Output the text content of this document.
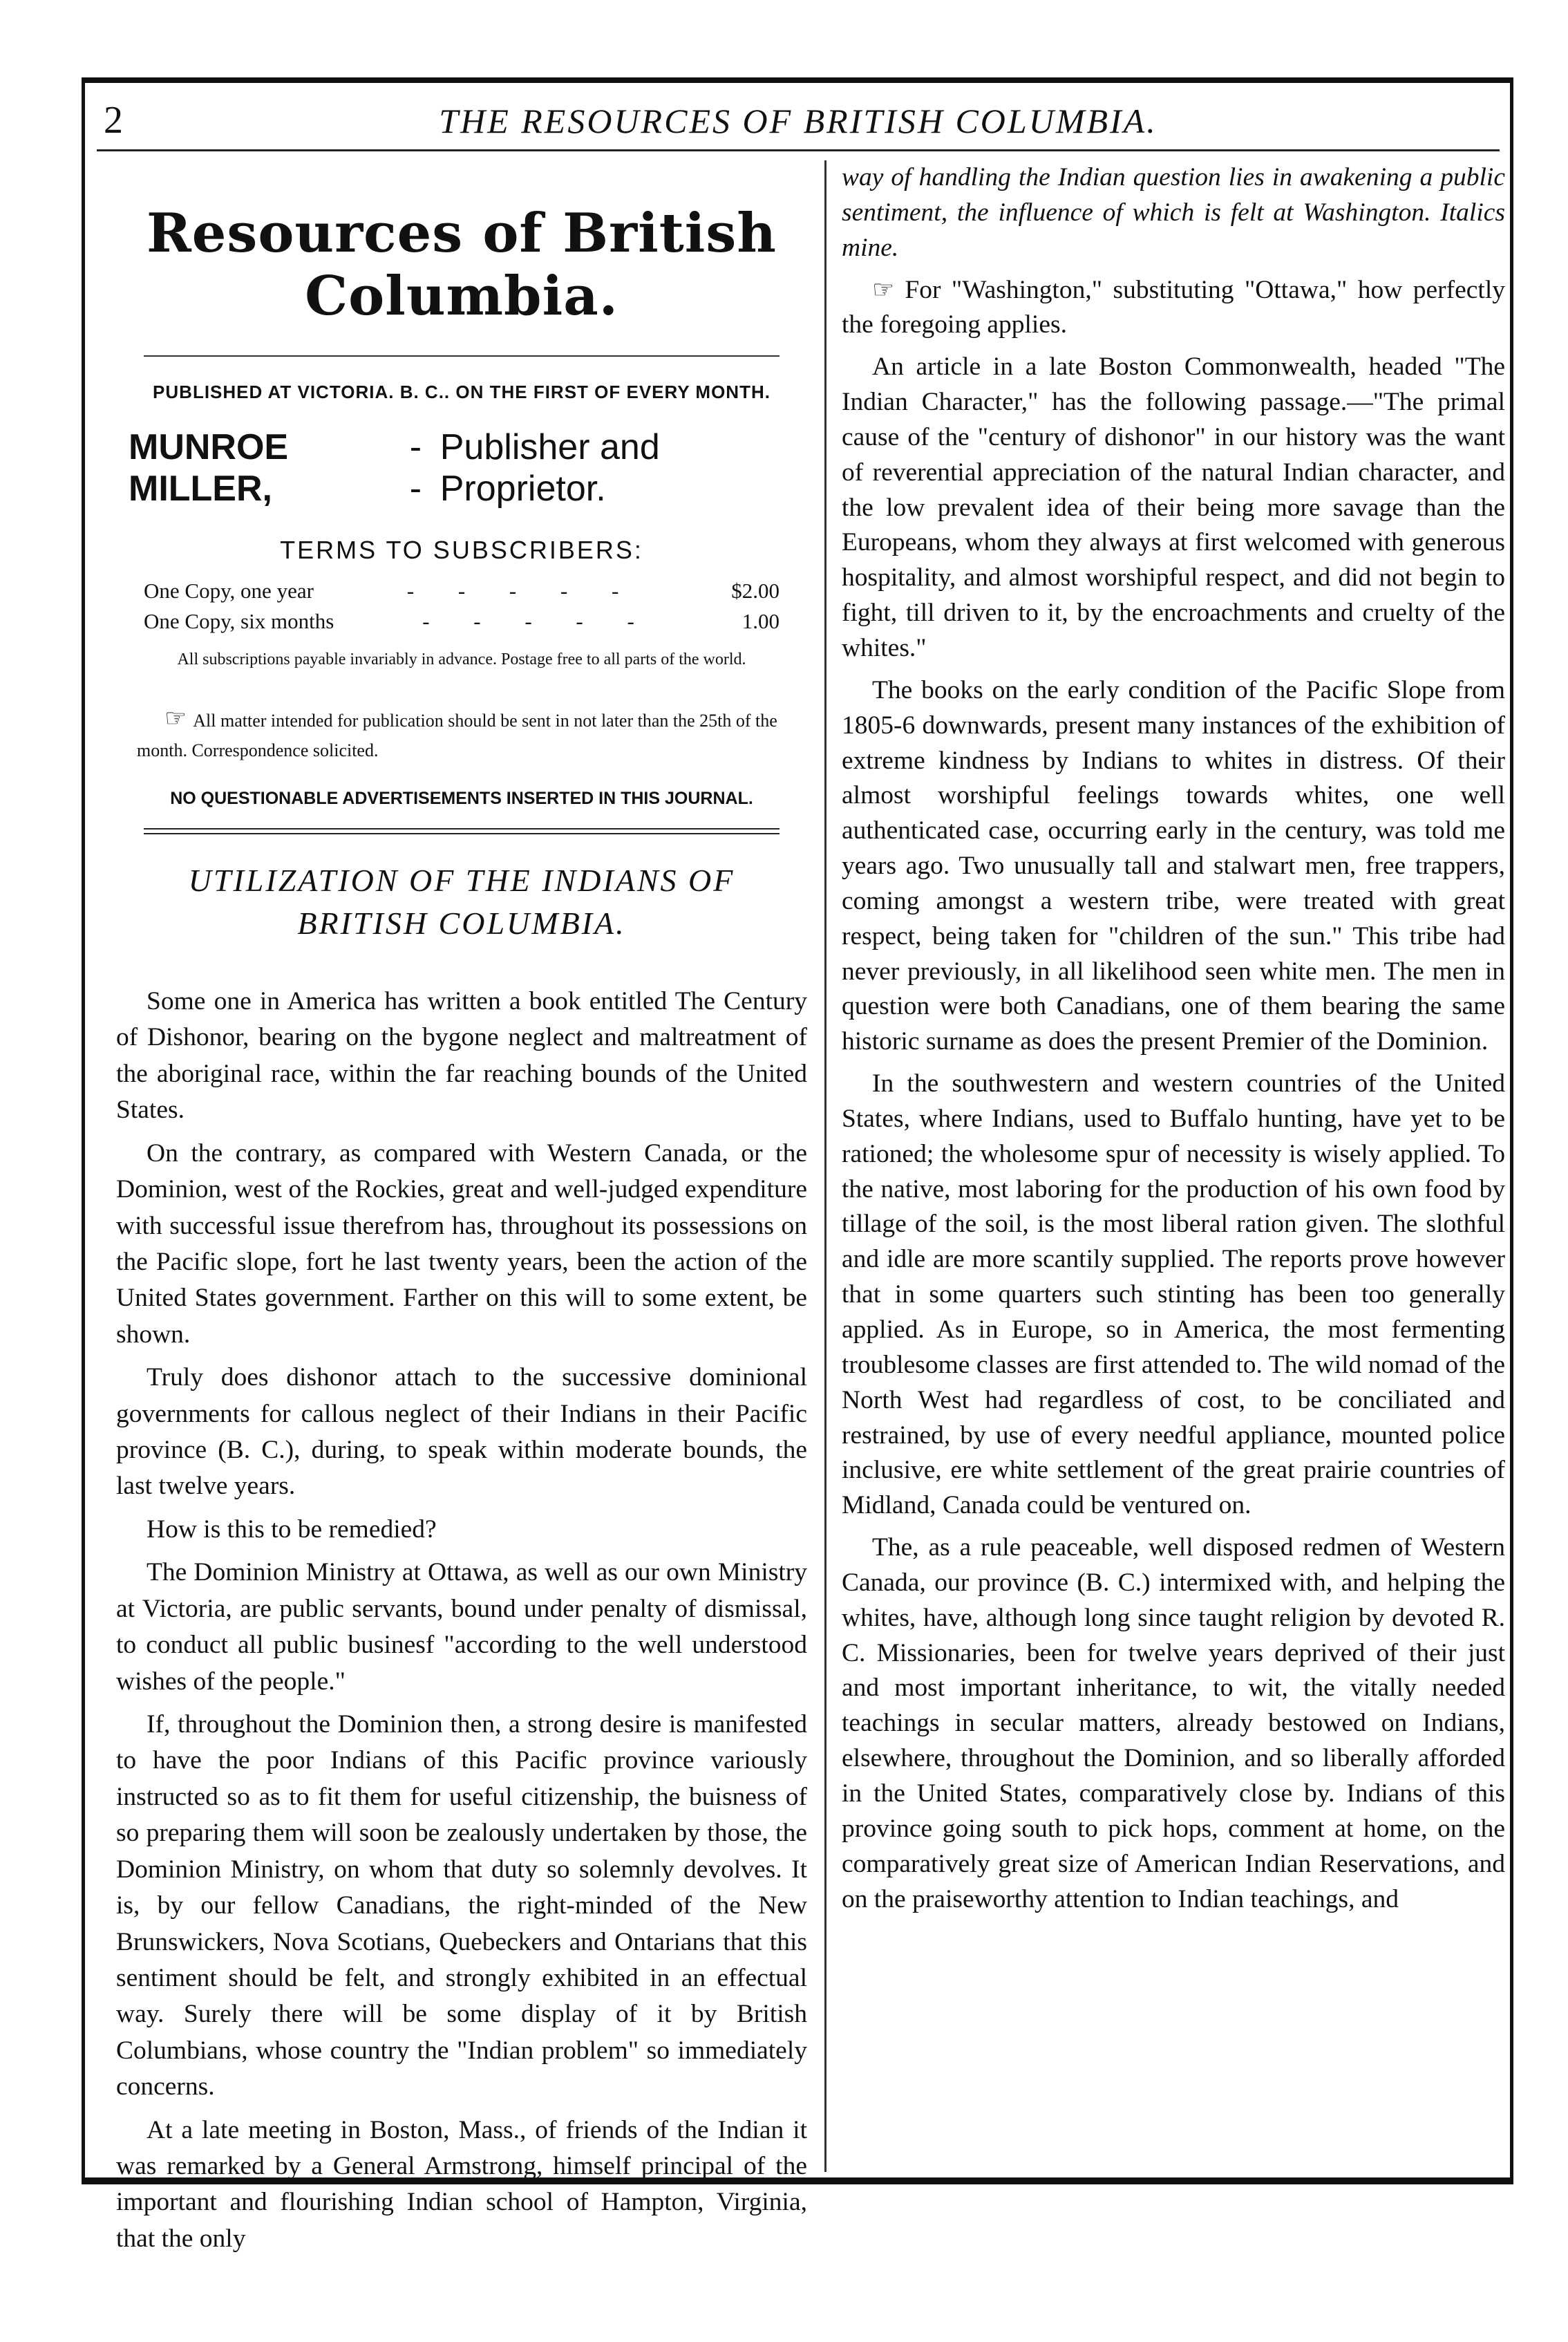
2	THE RESOURCES OF BRITISH COLUMBIA.
Resources of British Columbia.

PUBLISHED AT VICTORIA. B. C.. ON THE FIRST OF EVERY MONTH.

MUNROE MILLER,
- -
Publisher and Proprietor.
TERMS TO SUBSCRIBERS:
One Copy, one year	- - - - -	$2.00
One Copy, six months	- - - - -	1.00
All subscriptions payable invariably in advance. Postage free to all parts of the world.
☞ All matter intended for publication should be sent in not later than the 25th of the month. Correspondence solicited.
NO QUESTIONABLE ADVERTISEMENTS INSERTED IN THIS JOURNAL.
UTILIZATION OF THE INDIANS OF
BRITISH COLUMBIA.

Some one in America has written a book entitled The Century of Dishonor, bearing on the bygone neglect and maltreatment of the aboriginal race, within the far reaching bounds of the United States.

On the contrary, as compared with Western Canada, or the Dominion, west of the Rockies, great and well-judged expenditure with successful issue therefrom has, throughout its possessions on the Pacific slope, fort he last twenty years, been the action of the United States government. Farther on this will to some extent, be shown.

Truly does dishonor attach to the successive dominional governments for callous neglect of their Indians in their Pacific province (B. C.), during, to speak within moderate bounds, the last twelve years.

How is this to be remedied?

The Dominion Ministry at Ottawa, as well as our own Ministry at Victoria, are public servants, bound under penalty of dismissal, to conduct all public businesf "according to the well understood wishes of the people."

If, throughout the Dominion then, a strong desire is manifested to have the poor Indians of this Pacific province variously instructed so as to fit them for useful citizenship, the buisness of so preparing them will soon be zealously undertaken by those, the Dominion Ministry, on whom that duty so solemnly devolves. It is, by our fellow Canadians, the right-minded of the New Brunswickers, Nova Scotians, Quebeckers and Ontarians that this sentiment should be felt, and strongly exhibited in an effectual way. Surely there will be some display of it by British Columbians, whose country the "Indian problem" so immediately concerns.

At a late meeting in Boston, Mass., of friends of the Indian it was remarked by a General Armstrong, himself principal of the important and flourishing Indian school of Hampton, Virginia, that the only

way of handling the Indian question lies in awakening a public sentiment, the influence of which is felt at Washington. Italics mine.

☞ For "Washington," substituting "Ottawa," how perfectly the foregoing applies.

An article in a late Boston Commonwealth, headed "The Indian Character," has the following passage.—"The primal cause of the "century of dishonor" in our history was the want of reverential appreciation of the natural Indian character, and the low prevalent idea of their being more savage than the Europeans, whom they always at first welcomed with generous hospitality, and almost worshipful respect, and did not begin to fight, till driven to it, by the encroachments and cruelty of the whites."

The books on the early condition of the Pacific Slope from 1805-6 downwards, present many instances of the exhibition of extreme kindness by Indians to whites in distress. Of their almost worshipful feelings towards whites, one well authenticated case, occurring early in the century, was told me years ago. Two unusually tall and stalwart men, free trappers, coming amongst a western tribe, were treated with great respect, being taken for "children of the sun." This tribe had never previously, in all likelihood seen white men. The men in question were both Canadians, one of them bearing the same historic surname as does the present Premier of the Dominion.

In the southwestern and western countries of the United States, where Indians, used to Buffalo hunting, have yet to be rationed; the wholesome spur of necessity is wisely applied. To the native, most laboring for the production of his own food by tillage of the soil, is the most liberal ration given. The slothful and idle are more scantily supplied. The reports prove however that in some quarters such stinting has been too generally applied. As in Europe, so in America, the most fermenting troublesome classes are first attended to. The wild nomad of the North West had regardless of cost, to be conciliated and restrained, by use of every needful appliance, mounted police inclusive, ere white settlement of the great prairie countries of Midland, Canada could be ventured on.

The, as a rule peaceable, well disposed redmen of Western Canada, our province (B. C.) intermixed with, and helping the whites, have, although long since taught religion by devoted R. C. Missionaries, been for twelve years deprived of their just and most important inheritance, to wit, the vitally needed teachings in secular matters, already bestowed on Indians, elsewhere, throughout the Dominion, and so liberally afforded in the United States, comparatively close by. Indians of this province going south to pick hops, comment at home, on the comparatively great size of American Indian Reservations, and on the praiseworthy attention to Indian teachings, and
